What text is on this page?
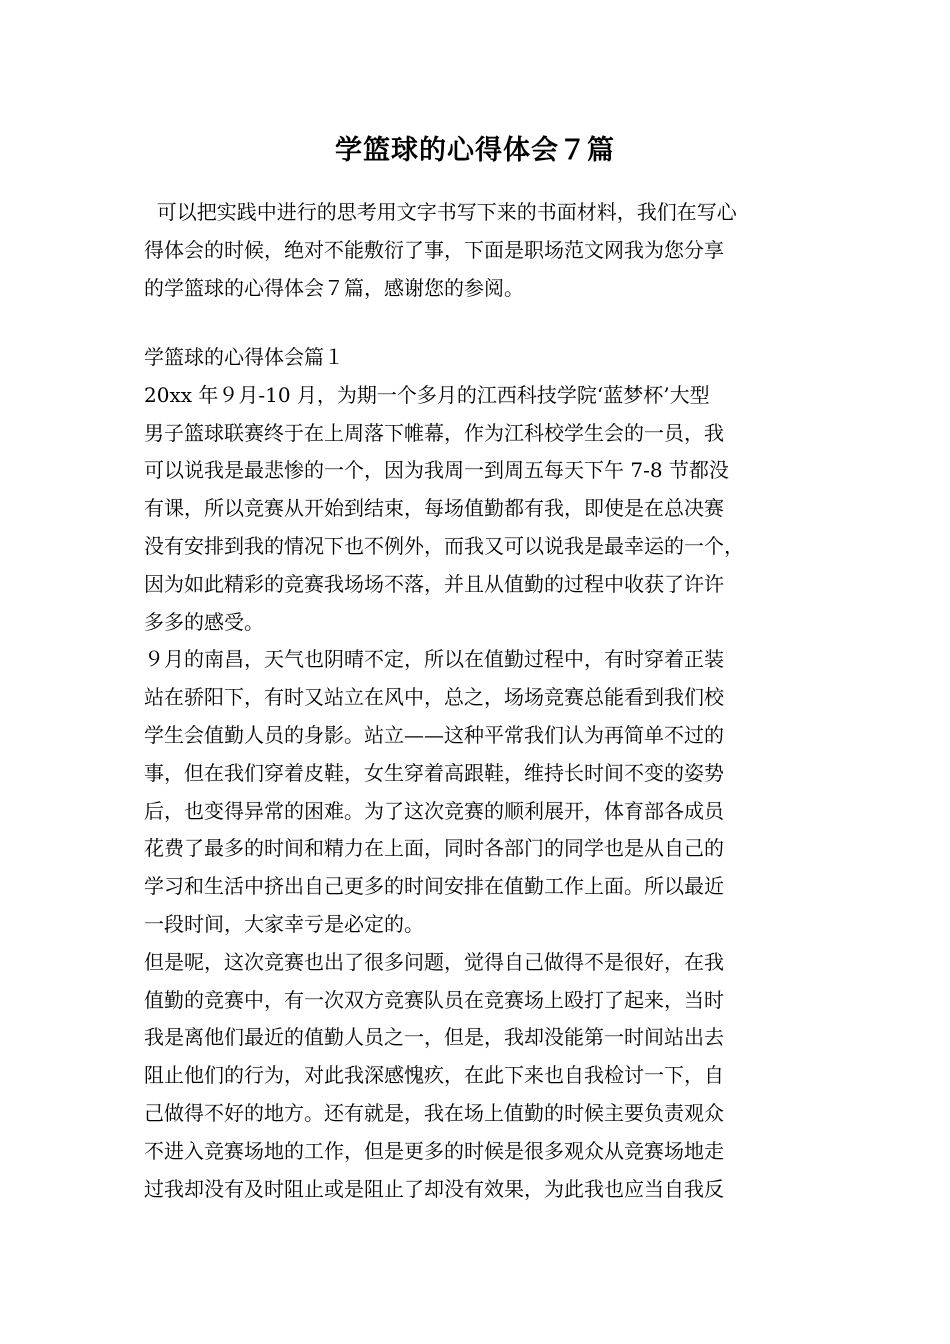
学篮球的心得体会７篇

可以把实践中进行的思考用文字书写下来的书面材料，我们在写心

得体会的时候，绝对不能敷衍了事，下面是职场范文网我为您分享

的学篮球的心得体会７篇，感谢您的参阅。

学篮球的心得体会篇１

20xx 年９月-10 月，为期一个多月的江西科技学院‘蓝梦杯’大型

男子篮球联赛终于在上周落下帷幕，作为江科校学生会的一员，我

可以说我是最悲惨的一个，因为我周一到周五每天下午 7-8 节都没

有课，所以竞赛从开始到结束，每场值勤都有我，即使是在总决赛

没有安排到我的情况下也不例外，而我又可以说我是最幸运的一个，

因为如此精彩的竞赛我场场不落，并且从值勤的过程中收获了许许

多多的感受。

９月的南昌，天气也阴晴不定，所以在值勤过程中，有时穿着正装

站在骄阳下，有时又站立在风中，总之，场场竞赛总能看到我们校

学生会值勤人员的身影。站立——这种平常我们认为再简单不过的

事，但在我们穿着皮鞋，女生穿着高跟鞋，维持长时间不变的姿势

后，也变得异常的困难。为了这次竞赛的顺利展开，体育部各成员

花费了最多的时间和精力在上面，同时各部门的同学也是从自己的

学习和生活中挤出自己更多的时间安排在值勤工作上面。所以最近

一段时间，大家幸亏是必定的。

但是呢，这次竞赛也出了很多问题，觉得自己做得不是很好，在我

值勤的竞赛中，有一次双方竞赛队员在竞赛场上殴打了起来，当时

我是离他们最近的值勤人员之一，但是，我却没能第一时间站出去

阻止他们的行为，对此我深感愧疚，在此下来也自我检讨一下，自

己做得不好的地方。还有就是，我在场上值勤的时候主要负责观众

不进入竞赛场地的工作，但是更多的时候是很多观众从竞赛场地走

过我却没有及时阻止或是阻止了却没有效果，为此我也应当自我反
